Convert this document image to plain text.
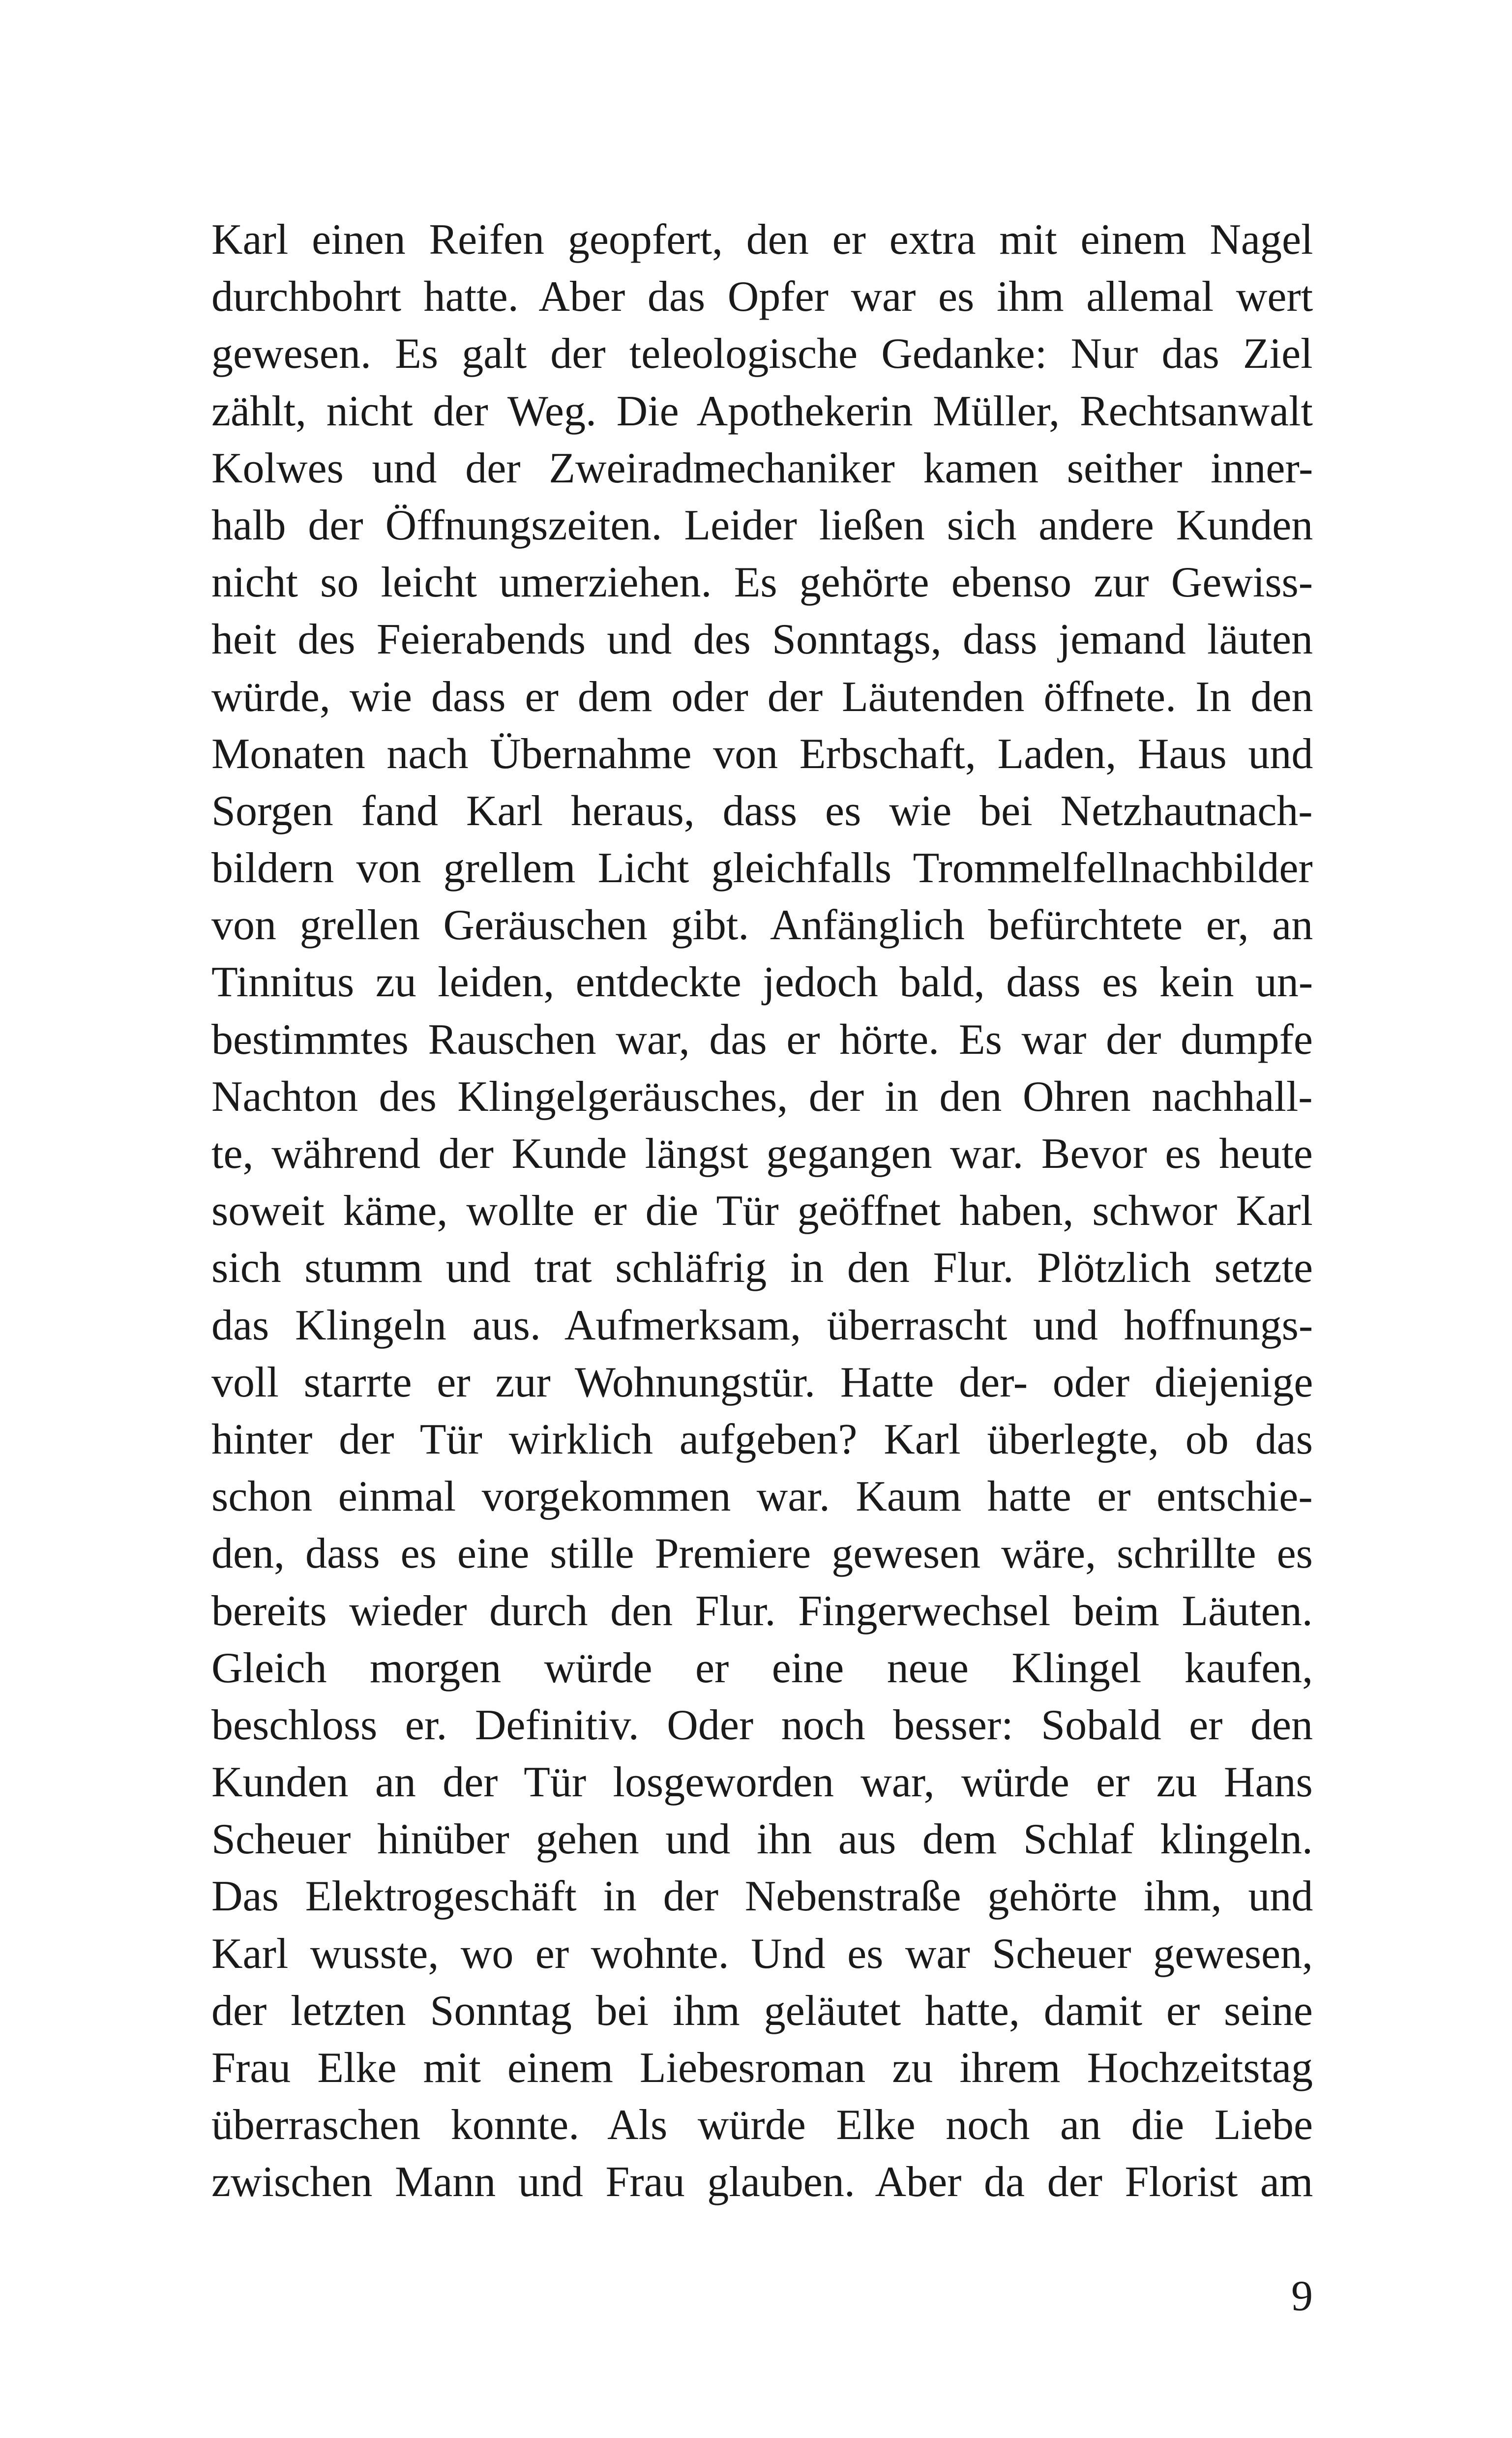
Karl einen Reifen geopfert, den er extra mit einem Nagel
durchbohrt hatte. Aber das Opfer war es ihm allemal wert
gewesen. Es galt der teleologische Gedanke: Nur das Ziel
zählt, nicht der Weg. Die Apothekerin Müller, Rechtsanwalt
Kolwes und der Zweiradmechaniker kamen seither inner-
halb der Öffnungszeiten. Leider ließen sich andere Kunden
nicht so leicht umerziehen. Es gehörte ebenso zur Gewiss-
heit des Feierabends und des Sonntags, dass jemand läuten
würde, wie dass er dem oder der Läutenden öffnete. In den
Monaten nach Übernahme von Erbschaft, Laden, Haus und
Sorgen fand Karl heraus, dass es wie bei Netzhautnach-
bildern von grellem Licht gleichfalls Trommelfellnachbilder
von grellen Geräuschen gibt. Anfänglich befürchtete er, an
Tinnitus zu leiden, entdeckte jedoch bald, dass es kein un-
bestimmtes Rauschen war, das er hörte. Es war der dumpfe
Nachton des Klingelgeräusches, der in den Ohren nachhall-
te, während der Kunde längst gegangen war. Bevor es heute
soweit käme, wollte er die Tür geöffnet haben, schwor Karl
sich stumm und trat schläfrig in den Flur. Plötzlich setzte
das Klingeln aus. Aufmerksam, überrascht und hoffnungs-
voll starrte er zur Wohnungstür. Hatte der- oder diejenige
hinter der Tür wirklich aufgeben? Karl überlegte, ob das
schon einmal vorgekommen war. Kaum hatte er entschie-
den, dass es eine stille Premiere gewesen wäre, schrillte es
bereits wieder durch den Flur. Fingerwechsel beim Läuten.
Gleich morgen würde er eine neue Klingel kaufen,
beschloss er. Definitiv. Oder noch besser: Sobald er den
Kunden an der Tür losgeworden war, würde er zu Hans
Scheuer hinüber gehen und ihn aus dem Schlaf klingeln.
Das Elektrogeschäft in der Nebenstraße gehörte ihm, und
Karl wusste, wo er wohnte. Und es war Scheuer gewesen,
der letzten Sonntag bei ihm geläutet hatte, damit er seine
Frau Elke mit einem Liebesroman zu ihrem Hochzeitstag
überraschen konnte. Als würde Elke noch an die Liebe
zwischen Mann und Frau glauben. Aber da der Florist am
9
